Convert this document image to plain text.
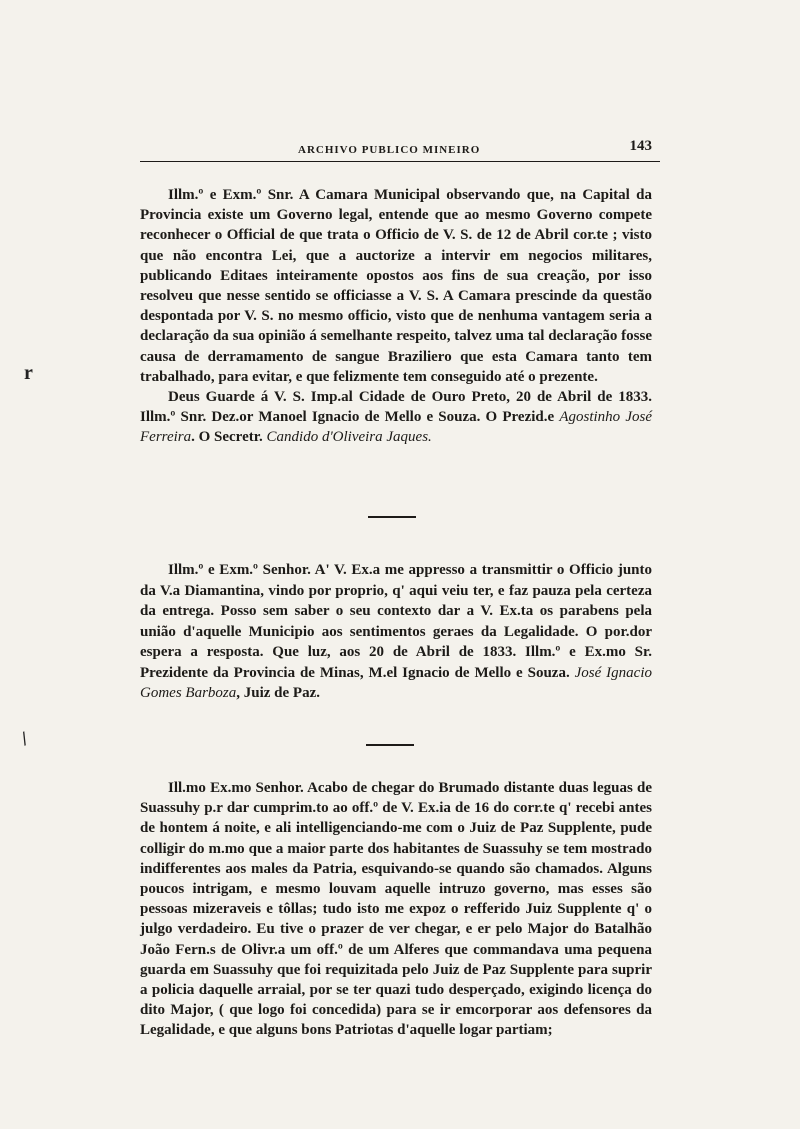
ARCHIVO PUBLICO MINEIRO	143
r
/

Illm.º e Exm.º Snr. A Camara Municipal observando que, na Capital da Provincia existe um Governo legal, entende que ao mesmo Governo compete reconhecer o Official de que trata o Officio de V. S. de 12 de Abril cor.te ; visto que não encontra Lei, que a auctorize a intervir em negocios militares, publicando Editaes inteiramente opostos aos fins de sua creação, por isso resolveu que nesse sentido se officiasse a V. S. A Camara prescinde da questão despontada por V. S. no mesmo officio, visto que de nenhuma vantagem seria a declaração da sua opinião á semelhante respeito, talvez uma tal declaração fosse causa de derramamento de sangue Braziliero que esta Camara tanto tem trabalhado, para evitar, e que felizmente tem conseguido até o prezente.

Deus Guarde á V. S. Imp.al Cidade de Ouro Preto, 20 de Abril de 1833. Illm.º Snr. Dez.or Manoel Ignacio de Mello e Souza. O Prezid.e Agostinho José Ferreira. O Secretr. Candido d'Oliveira Jaques.

Illm.º e Exm.º Senhor. A' V. Ex.a me appresso a transmittir o Officio junto da V.a Diamantina, vindo por proprio, q' aqui veiu ter, e faz pauza pela certeza da entrega. Posso sem saber o seu contexto dar a V. Ex.ta os parabens pela união d'aquelle Municipio aos sentimentos geraes da Legalidade. O por.dor espera a resposta. Que luz, aos 20 de Abril de 1833. Illm.º e Ex.mo Sr. Prezidente da Provincia de Minas, M.el Ignacio de Mello e Souza. José Ignacio Gomes Barboza, Juiz de Paz.

Ill.mo Ex.mo Senhor. Acabo de chegar do Brumado distante duas leguas de Suassuhy p.r dar cumprim.to ao off.º de V. Ex.ia de 16 do corr.te q' recebi antes de hontem á noite, e ali intelligenciando-me com o Juiz de Paz Supplente, pude colligir do m.mo que a maior parte dos habitantes de Suassuhy se tem mostrado indifferentes aos males da Patria, esquivando-se quando são chamados. Alguns poucos intrigam, e mesmo louvam aquelle intruzo governo, mas esses são pessoas mizeraveis e tôllas; tudo isto me expoz o refferido Juiz Supplente q' o julgo verdadeiro. Eu tive o prazer de ver chegar, e er pelo Major do Batalhão João Fern.s de Olivr.a um off.º de um Alferes que commandava uma pequena guarda em Suassuhy que foi requizitada pelo Juiz de Paz Supplente para suprir a policia daquelle arraial, por se ter quazi tudo desperçado, exigindo licença do dito Major, ( que logo foi concedida) para se ir emcorporar aos defensores da Legalidade, e que alguns bons Patriotas d'aquelle logar partiam;
